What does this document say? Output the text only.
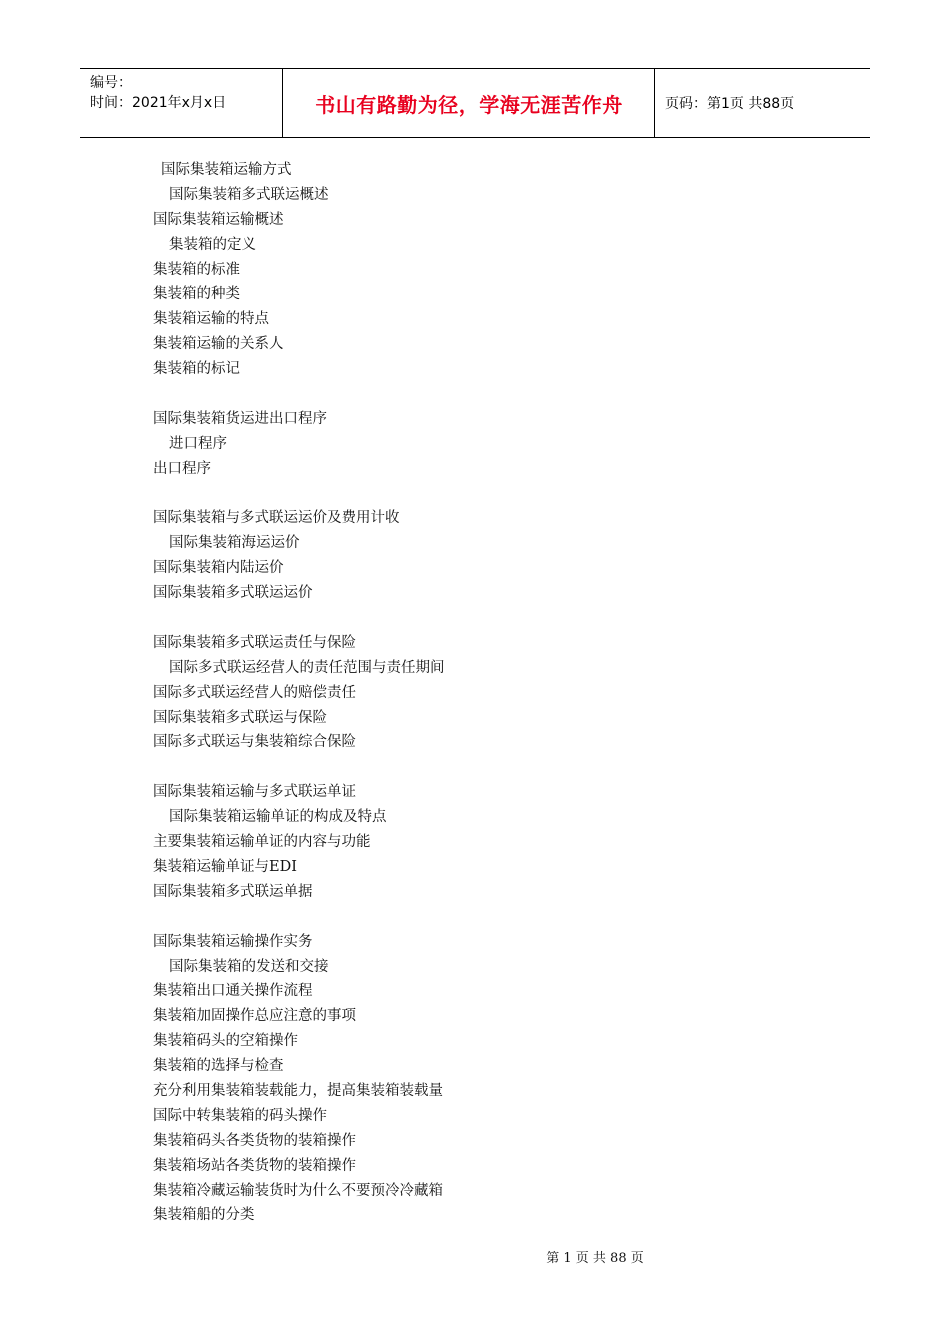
编号：
时间：2021年x月x日	书山有路勤为径，学海无涯苦作舟	页码：第1页 共88页
国际集装箱运输方式
国际集装箱多式联运概述
国际集装箱运输概述
集装箱的定义
集装箱的标准
集装箱的种类
集装箱运输的特点
集装箱运输的关系人
集装箱的标记
国际集装箱货运进出口程序
进口程序
出口程序
国际集装箱与多式联运运价及费用计收
国际集装箱海运运价
国际集装箱内陆运价
国际集装箱多式联运运价
国际集装箱多式联运责任与保险
国际多式联运经营人的责任范围与责任期间
国际多式联运经营人的赔偿责任
国际集装箱多式联运与保险
国际多式联运与集装箱综合保险
国际集装箱运输与多式联运单证
国际集装箱运输单证的构成及特点
主要集装箱运输单证的内容与功能
集装箱运输单证与EDI
国际集装箱多式联运单据
国际集装箱运输操作实务
国际集装箱的发送和交接
集装箱出口通关操作流程
集装箱加固操作总应注意的事项
集装箱码头的空箱操作
集装箱的选择与检查
充分利用集装箱装载能力，提高集装箱装载量
国际中转集装箱的码头操作
集装箱码头各类货物的装箱操作
集装箱场站各类货物的装箱操作
集装箱冷藏运输装货时为什么不要预冷冷藏箱
集装箱船的分类
第 1 页 共 88 页
